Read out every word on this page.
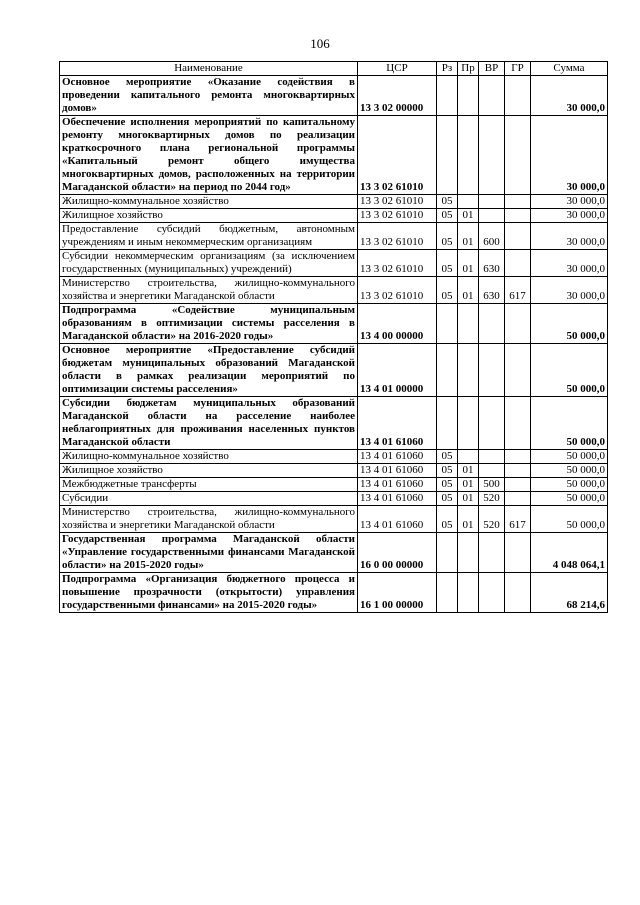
106
Наименование	ЦСР	Рз	Пр	ВР	ГР	Сумма
Основное мероприятие «Оказание содействия в проведении капитального ремонта многоквартирных домов»	13 3 02 00000					30 000,0
Обеспечение исполнения мероприятий по капитальному ремонту многоквартирных домов по реализации краткосрочного плана региональной программы «Капитальный ремонт общего имущества многоквартирных домов, расположенных на территории Магаданской области» на период по 2044 год»	13 3 02 61010					30 000,0
Жилищно-коммунальное хозяйство	13 3 02 61010	05				30 000,0
Жилищное хозяйство	13 3 02 61010	05	01			30 000,0
Предоставление субсидий бюджетным, автономным учреждениям и иным некоммерческим организациям	13 3 02 61010	05	01	600		30 000,0
Субсидии некоммерческим организациям (за исключением государственных (муниципальных) учреждений)	13 3 02 61010	05	01	630		30 000,0
Министерство строительства, жилищно-коммунального хозяйства и энергетики Магаданской области	13 3 02 61010	05	01	630	617	30 000,0
Подпрограмма «Содействие муниципальным образованиям в оптимизации системы расселения в Магаданской области» на 2016-2020 годы»	13 4 00 00000					50 000,0
Основное мероприятие «Предоставление субсидий бюджетам муниципальных образований Магаданской области в рамках реализации мероприятий по оптимизации системы расселения»	13 4 01 00000					50 000,0
Субсидии бюджетам муниципальных образований Магаданской области на расселение наиболее неблагоприятных для проживания населенных пунктов Магаданской области	13 4 01 61060					50 000,0
Жилищно-коммунальное хозяйство	13 4 01 61060	05				50 000,0
Жилищное хозяйство	13 4 01 61060	05	01			50 000,0
Межбюджетные трансферты	13 4 01 61060	05	01	500		50 000,0
Субсидии	13 4 01 61060	05	01	520		50 000,0
Министерство строительства, жилищно-коммунального хозяйства и энергетики Магаданской области	13 4 01 61060	05	01	520	617	50 000,0
Государственная программа Магаданской области «Управление государственными финансами Магаданской области» на 2015-2020 годы»	16 0 00 00000					4 048 064,1
Подпрограмма «Организация бюджетного процесса и повышение прозрачности (открытости) управления государственными финансами» на 2015-2020 годы»	16 1 00 00000					68 214,6
